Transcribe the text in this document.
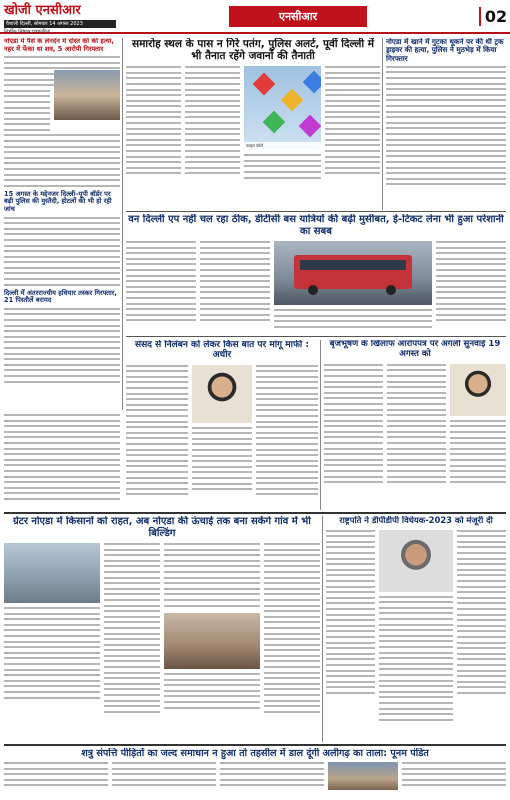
खोजी एनसीआर
वैशाली दिल्ली, सोमवार 14 अगस्त 2023
निर्भीक निष्पक्ष पत्रकारिता
एनसीआर	02
नोएडा में पैसे के लेनदेन में दोस्त की की हत्या, नहर में फेंका था शव, 5 आरोपी गिरफ्तार
15 अगस्त के मद्देनजर दिल्ली–यूपी बॉर्डर पर बढ़ी पुलिस की मुस्तैदी, होटलों की भी हो रही जांच
दिल्ली में अंतरराज्यीय हथियार तस्कर गिरफ्तार, 21 पिस्तौलें बरामद
समारोह स्थल के पास न गिरे पतंग, पुलिस अलर्ट, पूर्वी दिल्ली में भी तैनात रहेंगे जवानों की तैनाती
फाइल फोटो
नोएडा में खाने में गुटका थूकने पर की थी ट्रक ड्राइवर की हत्या, पुलिस ने मुठभेड़ में किया गिरफ्तार
वन दिल्ली एप नहीं चल रहा ठीक, डीटीसी बस यात्रियों की बढ़ी मुसीबत, ई-टिकट लेना भी हुआ परेशानी का सबब
संसद से निलंबन को लेकर किस बात पर मांगू माफी : अधीर
बृजभूषण के खिलाफ आरोपपत्र पर अगली सुनवाई 19 अगस्त को
ग्रेटर नोएडा में किसानों को राहत, अब नोएडा की ऊंचाई तक बना सकेंगे गांव में भी बिल्डिंग
राष्ट्रपति ने डीपीडीपी विधेयक-2023 को मंजूरी दी
शत्रु संपत्ति पीड़ितों का जल्द समाधान न हुआ तो तहसील में डाल दूंगी अलीगढ़ का ताला: पूनम पंडित
